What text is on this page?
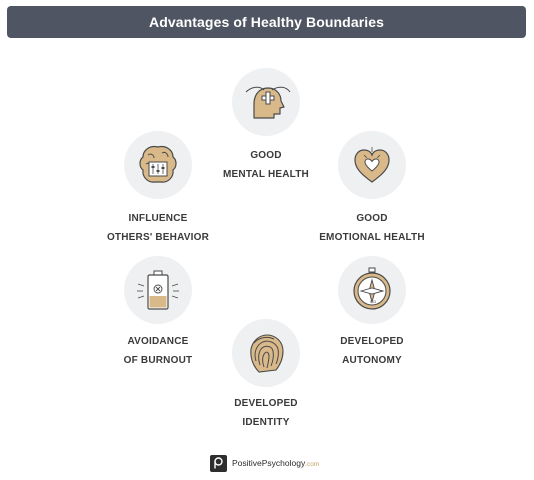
Advantages of Healthy Boundaries
GOOD
MENTAL HEALTH
INFLUENCE
OTHERS' BEHAVIOR
GOOD
EMOTIONAL HEALTH
AVOIDANCE
OF BURNOUT
S·D
DEVELOPED
AUTONOMY
DEVELOPED
IDENTITY
PositivePsychology.com
